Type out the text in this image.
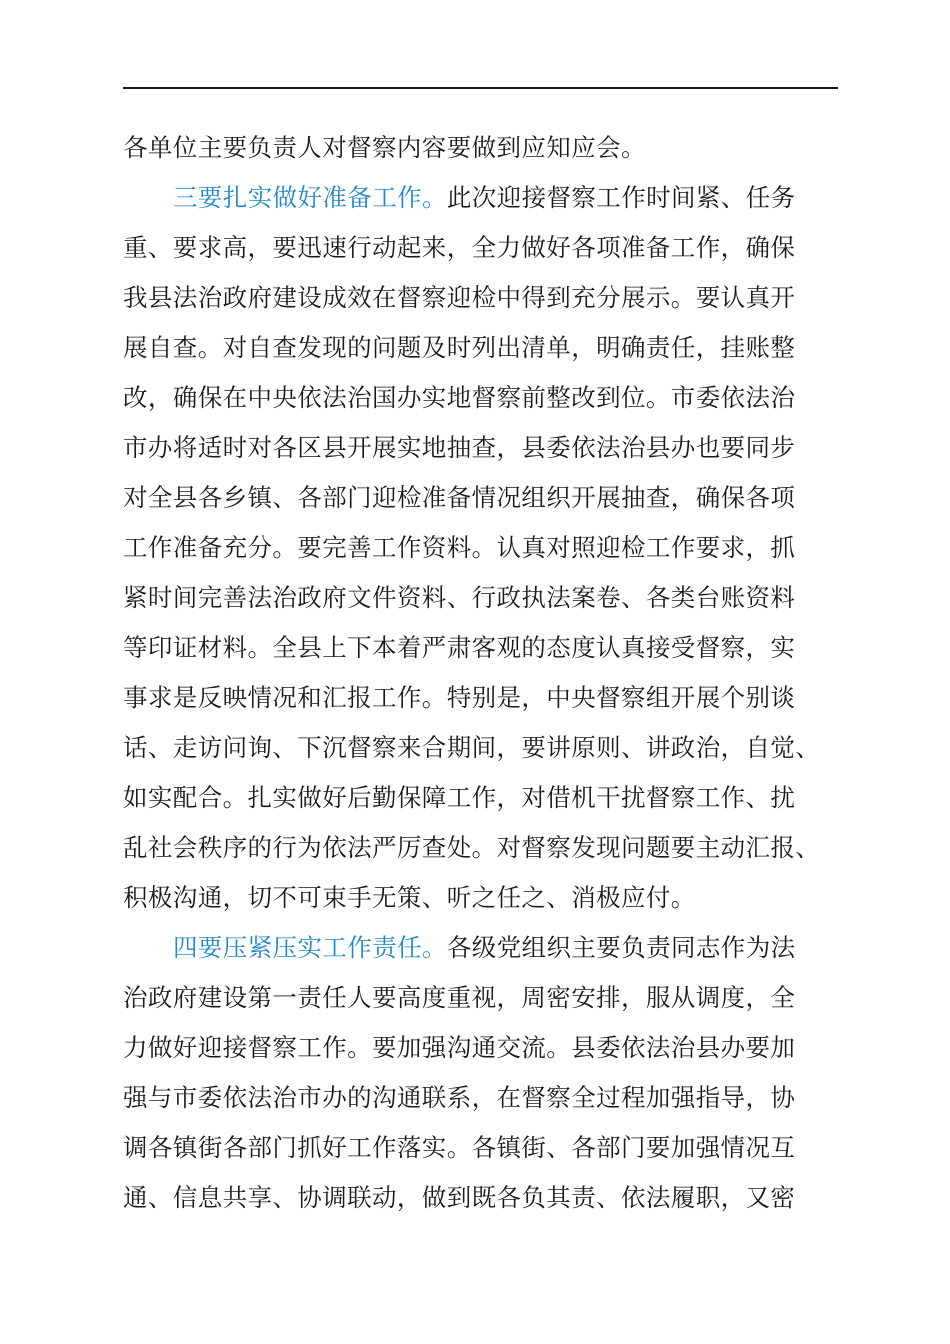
各单位主要负责人对督察内容要做到应知应会。
三要扎实做好准备工作。此次迎接督察工作时间紧、任务
重、要求高，要迅速行动起来，全力做好各项准备工作，确保
我县法治政府建设成效在督察迎检中得到充分展示。要认真开
展自查。对自查发现的问题及时列出清单，明确责任，挂账整
改，确保在中央依法治国办实地督察前整改到位。市委依法治
市办将适时对各区县开展实地抽查，县委依法治县办也要同步
对全县各乡镇、各部门迎检准备情况组织开展抽查，确保各项
工作准备充分。要完善工作资料。认真对照迎检工作要求，抓
紧时间完善法治政府文件资料、行政执法案卷、各类台账资料
等印证材料。全县上下本着严肃客观的态度认真接受督察，实
事求是反映情况和汇报工作。特别是，中央督察组开展个别谈
话、走访问询、下沉督察来合期间，要讲原则、讲政治，自觉、
如实配合。扎实做好后勤保障工作，对借机干扰督察工作、扰
乱社会秩序的行为依法严厉查处。对督察发现问题要主动汇报、
积极沟通，切不可束手无策、听之任之、消极应付。
四要压紧压实工作责任。各级党组织主要负责同志作为法
治政府建设第一责任人要高度重视，周密安排，服从调度，全
力做好迎接督察工作。要加强沟通交流。县委依法治县办要加
强与市委依法治市办的沟通联系，在督察全过程加强指导，协
调各镇街各部门抓好工作落实。各镇街、各部门要加强情况互
通、信息共享、协调联动，做到既各负其责、依法履职，又密
